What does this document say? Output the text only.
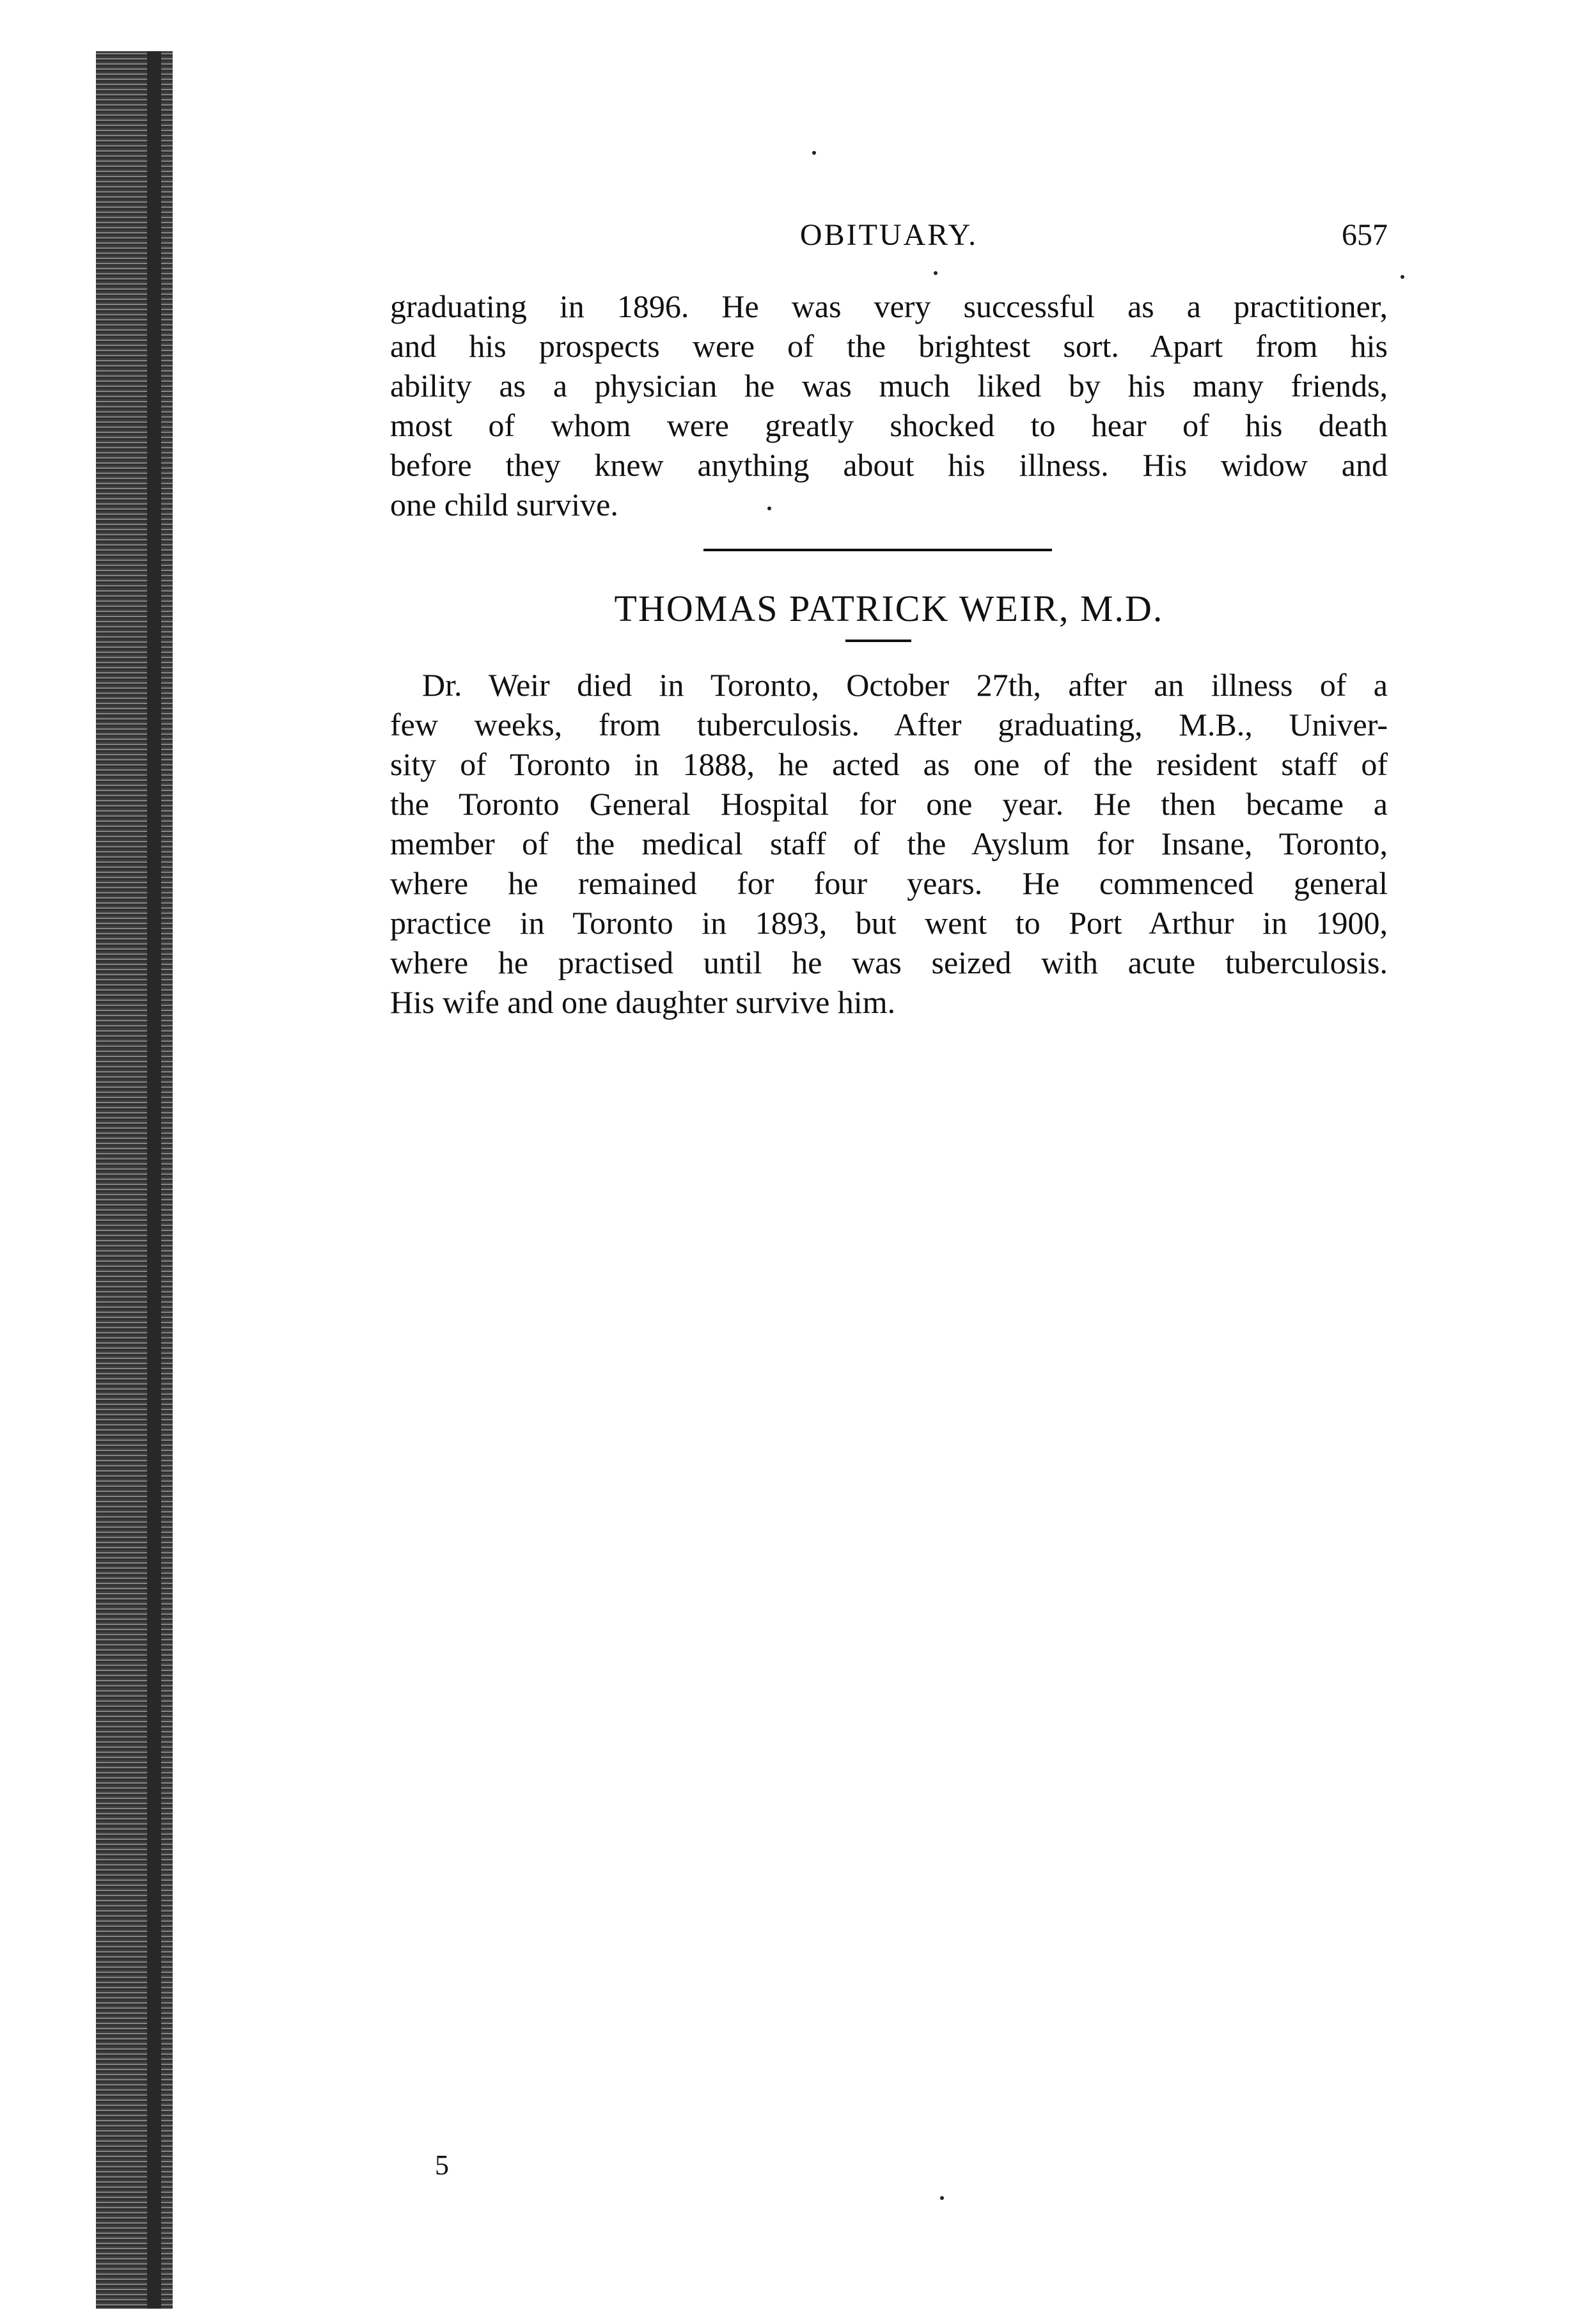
OBITUARY.	657
graduating in 1896. He was very successful as a practitioner,
and his prospects were of the brightest sort. Apart from his
ability as a physician he was much liked by his many friends,
most of whom were greatly shocked to hear of his death
before they knew anything about his illness. His widow and
one child survive.
THOMAS PATRICK WEIR, M.D.
Dr. Weir died in Toronto, October 27th, after an illness of a
few weeks, from tuberculosis. After graduating, M.B., Univer-
sity of Toronto in 1888, he acted as one of the resident staff of
the Toronto General Hospital for one year. He then became a
member of the medical staff of the Ayslum for Insane, Toronto,
where he remained for four years. He commenced general
practice in Toronto in 1893, but went to Port Arthur in 1900,
where he practised until he was seized with acute tuberculosis.
His wife and one daughter survive him.
5
